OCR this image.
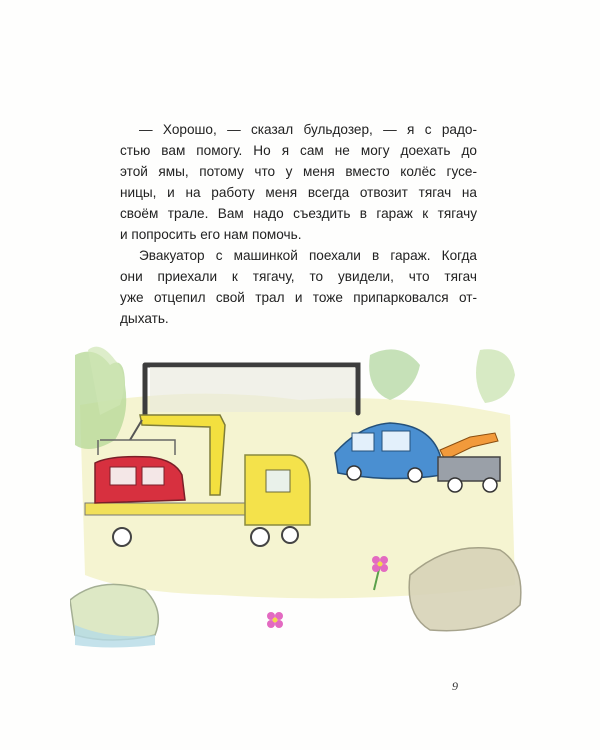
— Хорошо, — сказал бульдозер, — я с радо-
стью вам помогу. Но я сам не могу доехать до
этой ямы, потому что у меня вместо колёс гусе-
ницы, и на работу меня всегда отвозит тягач на
своём трале. Вам надо съездить в гараж к тягачу
и попросить его нам помочь.
Эвакуатор с машинкой поехали в гараж. Когда
они приехали к тягачу, то увидели, что тягач
уже отцепил свой трал и тоже припарковался от-
дыхать.
9
